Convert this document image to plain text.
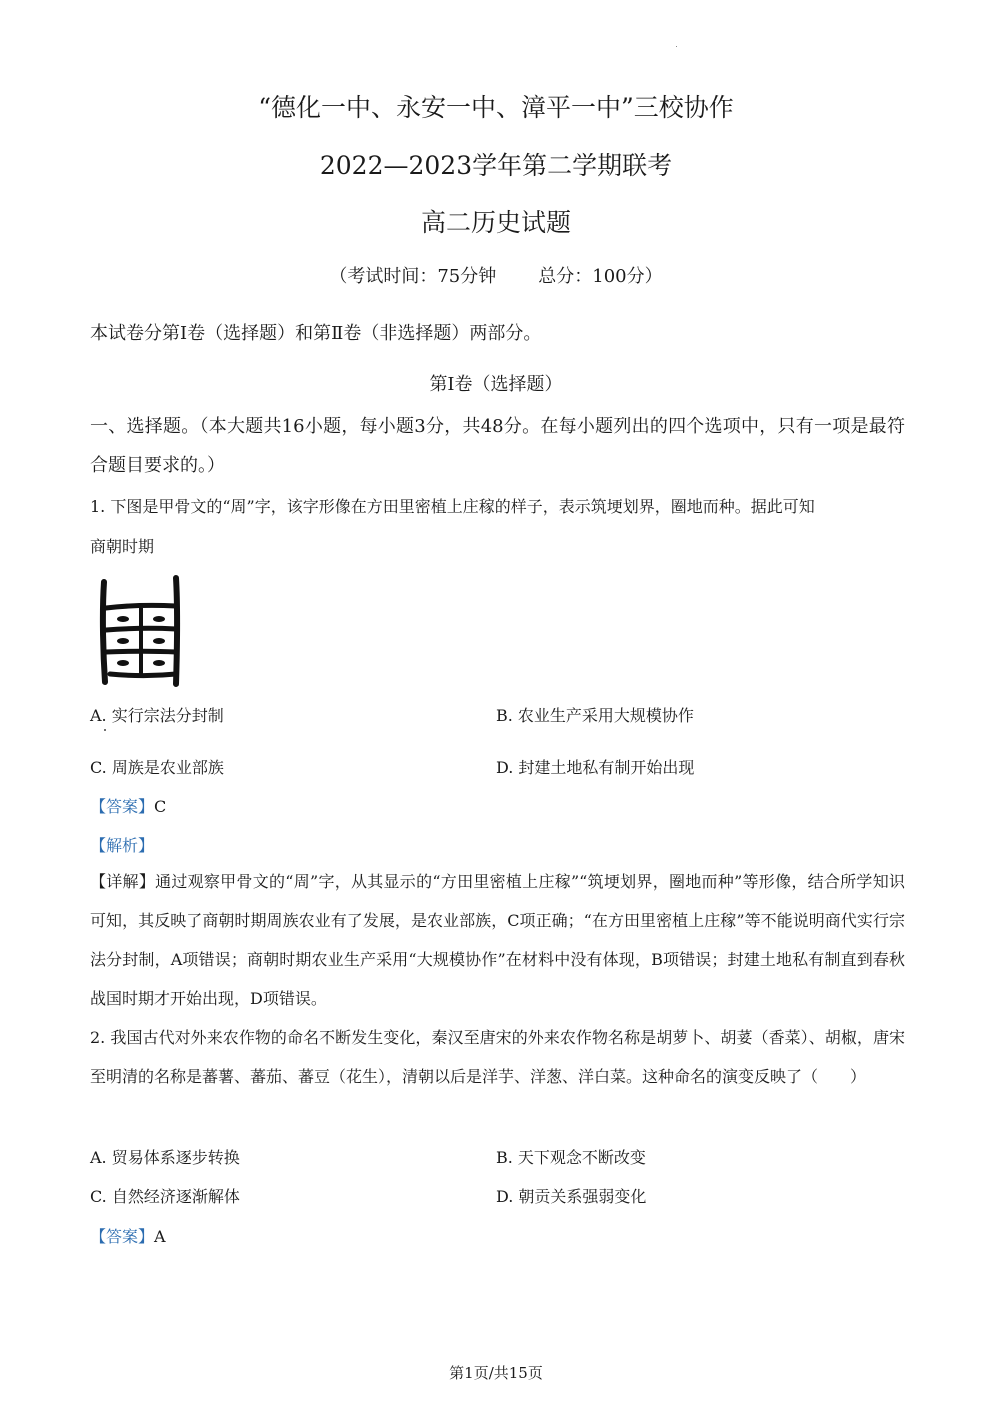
“德化一中、永安一中、漳平一中”三校协作
2022—2023学年第二学期联考
高二历史试题
（考试时间：75分钟 总分：100分）
本试卷分第Ⅰ卷（选择题）和第Ⅱ卷（非选择题）两部分。
第Ⅰ卷（选择题）
一、选择题。（本大题共16小题，每小题3分，共48分。在每小题列出的四个选项中，只有一项是最符合题目要求的。）
1. 下图是甲骨文的“周”字，该字形像在方田里密植上庄稼的样子，表示筑埂划界，圈地而种。据此可知
商朝时期
A. 实行宗法分封制	B. 农业生产采用大规模协作
C. 周族是农业部族	D. 封建土地私有制开始出现
【答案】C
【解析】
【详解】通过观察甲骨文的“周”字，从其显示的“方田里密植上庄稼”“筑埂划界，圈地而种”等形像，结合所学知识可知，其反映了商朝时期周族农业有了发展，是农业部族，C项正确；“在方田里密植上庄稼”等不能说明商代实行宗法分封制，A项错误；商朝时期农业生产采用“大规模协作”在材料中没有体现，B项错误；封建土地私有制直到春秋战国时期才开始出现，D项错误。
2. 我国古代对外来农作物的命名不断发生变化，秦汉至唐宋的外来农作物名称是胡萝卜、胡荽（香菜）、胡椒，唐宋至明清的名称是蕃薯、蕃茄、蕃豆（花生），清朝以后是洋芋、洋葱、洋白菜。这种命名的演变反映了（　　）
A. 贸易体系逐步转换	B. 天下观念不断改变
C. 自然经济逐渐解体	D. 朝贡关系强弱变化
【答案】A
第1页/共15页
